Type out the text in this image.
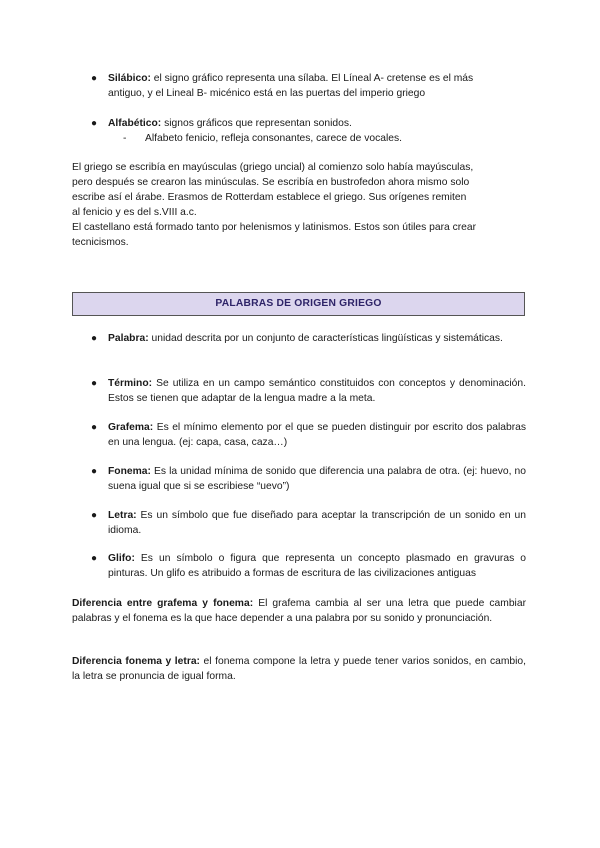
● Silábico: el signo gráfico representa una sílaba. El Líneal A- cretense es el más antiguo, y el Lineal B- micénico está en las puertas del imperio griego
● Alfabético: signos gráficos que representan sonidos.
- Alfabeto fenicio, refleja consonantes, carece de vocales.
El griego se escribía en mayúsculas (griego uncial) al comienzo solo había mayúsculas,
pero después se crearon las minúsculas. Se escribía en bustrofedon ahora mismo solo
escribe así el árabe. Erasmos de Rotterdam establece el griego. Sus orígenes remiten
al fenicio y es del s.VIII a.c.
El castellano está formado tanto por helenismos y latinismos. Estos son útiles para crear
tecnicismos.
PALABRAS DE ORIGEN GRIEGO
● Palabra: unidad descrita por un conjunto de características lingüísticas y sistemáticas.
● Término: Se utiliza en un campo semántico constituidos con conceptos y denominación. Estos se tienen que adaptar de la lengua madre a la meta.
● Grafema: Es el mínimo elemento por el que se pueden distinguir por escrito dos palabras en una lengua. (ej: capa, casa, caza…)
● Fonema: Es la unidad mínima de sonido que diferencia una palabra de otra. (ej: huevo, no suena igual que si se escribiese “uevo”)
● Letra: Es un símbolo que fue diseñado para aceptar la transcripción de un sonido en un idioma.
● Glifo: Es un símbolo o figura que representa un concepto plasmado en gravuras o pinturas. Un glifo es atribuido a formas de escritura de las civilizaciones antiguas
Diferencia entre grafema y fonema: El grafema cambia al ser una letra que puede cambiar palabras y el fonema es la que hace depender a una palabra por su sonido y pronunciación.
Diferencia fonema y letra: el fonema compone la letra y puede tener varios sonidos, en cambio, la letra se pronuncia de igual forma.
